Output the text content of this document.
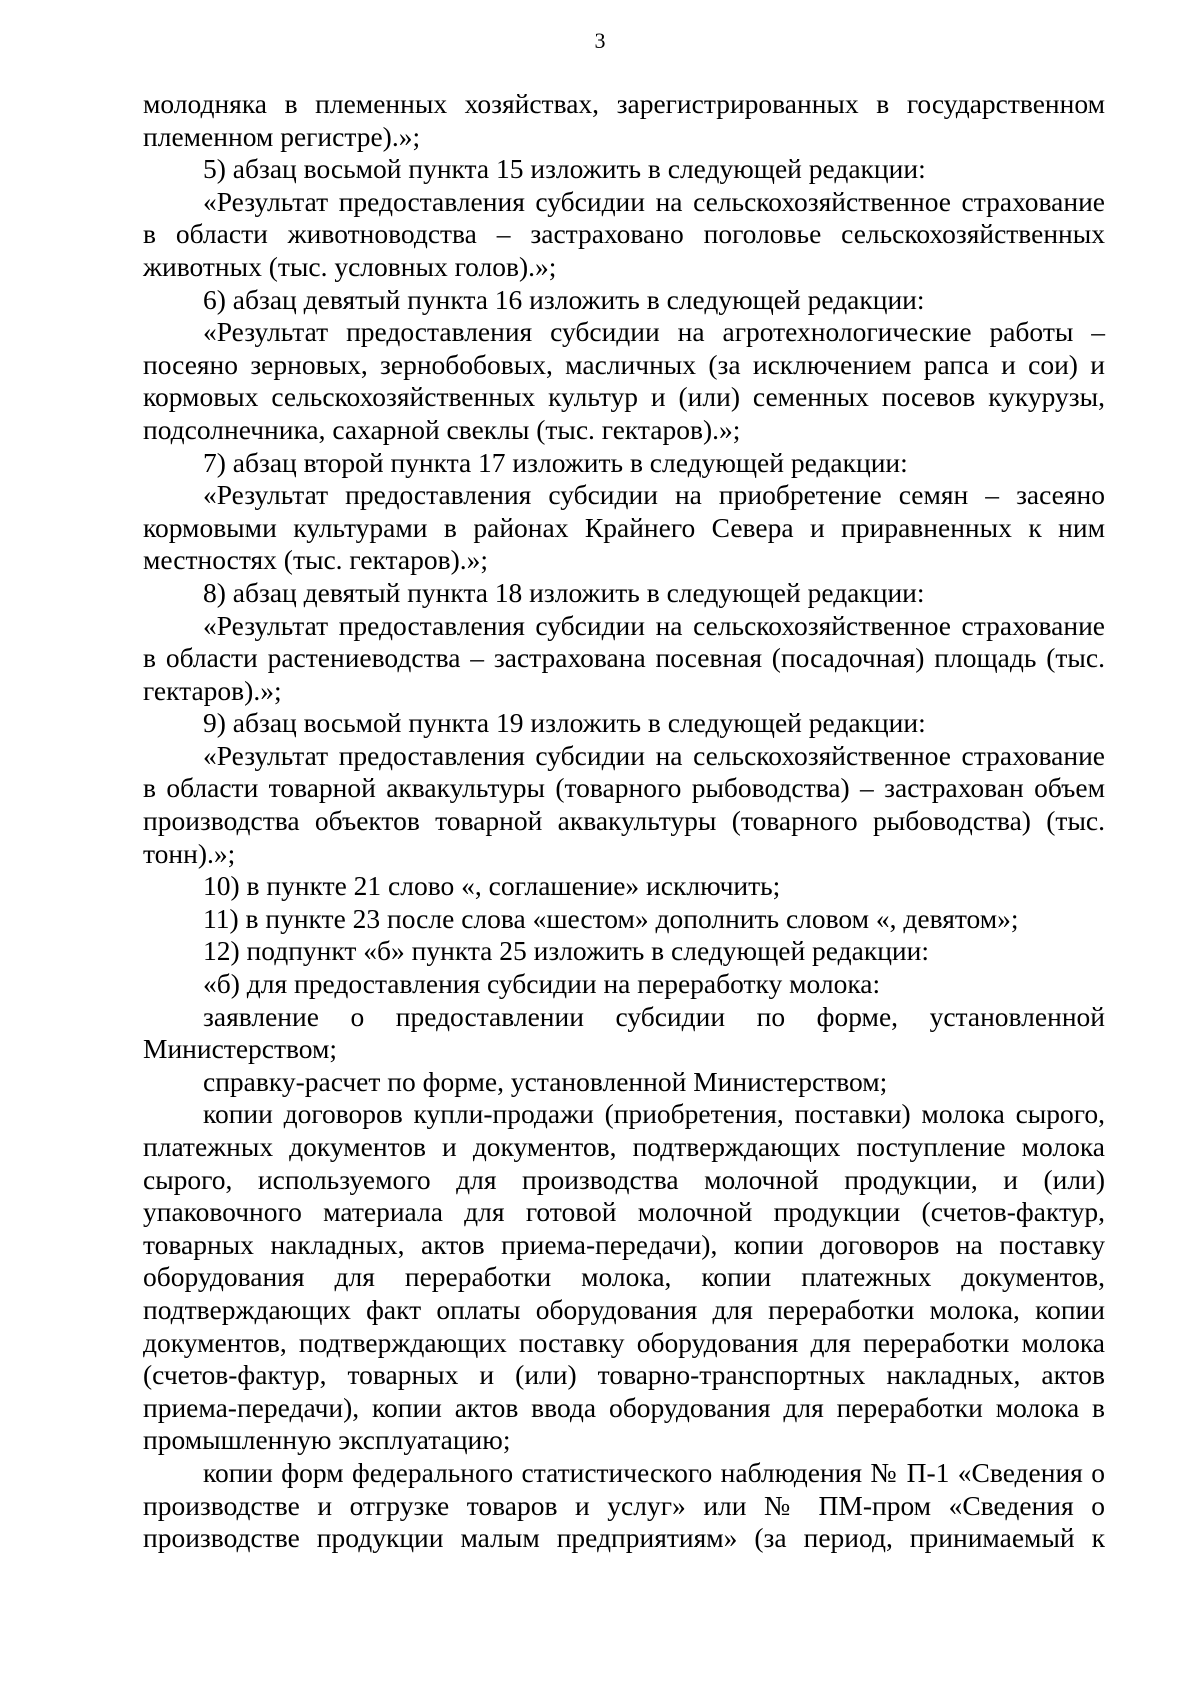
3

молодняка в племенных хозяйствах, зарегистрированных в государственном племенном регистре).»;

5) абзац восьмой пункта 15 изложить в следующей редакции:

«Результат предоставления субсидии на сельскохозяйственное страхование в области животноводства – застраховано поголовье сельскохозяйственных животных (тыс. условных голов).»;

6) абзац девятый пункта 16 изложить в следующей редакции:

«Результат предоставления субсидии на агротехнологические работы – посеяно зерновых, зернобобовых, масличных (за исключением рапса и сои) и кормовых сельскохозяйственных культур и (или) семенных посевов кукурузы, подсолнечника, сахарной свеклы (тыс. гектаров).»;

7) абзац второй пункта 17 изложить в следующей редакции:

«Результат предоставления субсидии на приобретение семян – засеяно кормовыми культурами в районах Крайнего Севера и приравненных к ним местностях (тыс. гектаров).»;

8) абзац девятый пункта 18 изложить в следующей редакции:

«Результат предоставления субсидии на сельскохозяйственное страхование в области растениеводства – застрахована посевная (посадочная) площадь (тыс. гектаров).»;

9) абзац восьмой пункта 19 изложить в следующей редакции:

«Результат предоставления субсидии на сельскохозяйственное страхование в области товарной аквакультуры (товарного рыбоводства) – застрахован объем производства объектов товарной аквакультуры (товарного рыбоводства) (тыс. тонн).»;

10) в пункте 21 слово «, соглашение» исключить;

11) в пункте 23 после слова «шестом» дополнить словом «, девятом»;

12) подпункт «б» пункта 25 изложить в следующей редакции:

«б) для предоставления субсидии на переработку молока:

заявление о предоставлении субсидии по форме, установленной Министерством;

справку-расчет по форме, установленной Министерством;

копии договоров купли-продажи (приобретения, поставки) молока сырого, платежных документов и документов, подтверждающих поступление молока сырого, используемого для производства молочной продукции, и (или) упаковочного материала для готовой молочной продукции (счетов-фактур, товарных накладных, актов приема-передачи), копии договоров на поставку оборудования для переработки молока, копии платежных документов, подтверждающих факт оплаты оборудования для переработки молока, копии документов, подтверждающих поставку оборудования для переработки молока (счетов-фактур, товарных и (или) товарно-транспортных накладных, актов приема-передачи), копии актов ввода оборудования для переработки молока в промышленную эксплуатацию;

копии форм федерального статистического наблюдения № П-1 «Сведения о производстве и отгрузке товаров и услуг» или № ПМ-пром «Сведения о производстве продукции малым предприятиям» (за период, принимаемый к
